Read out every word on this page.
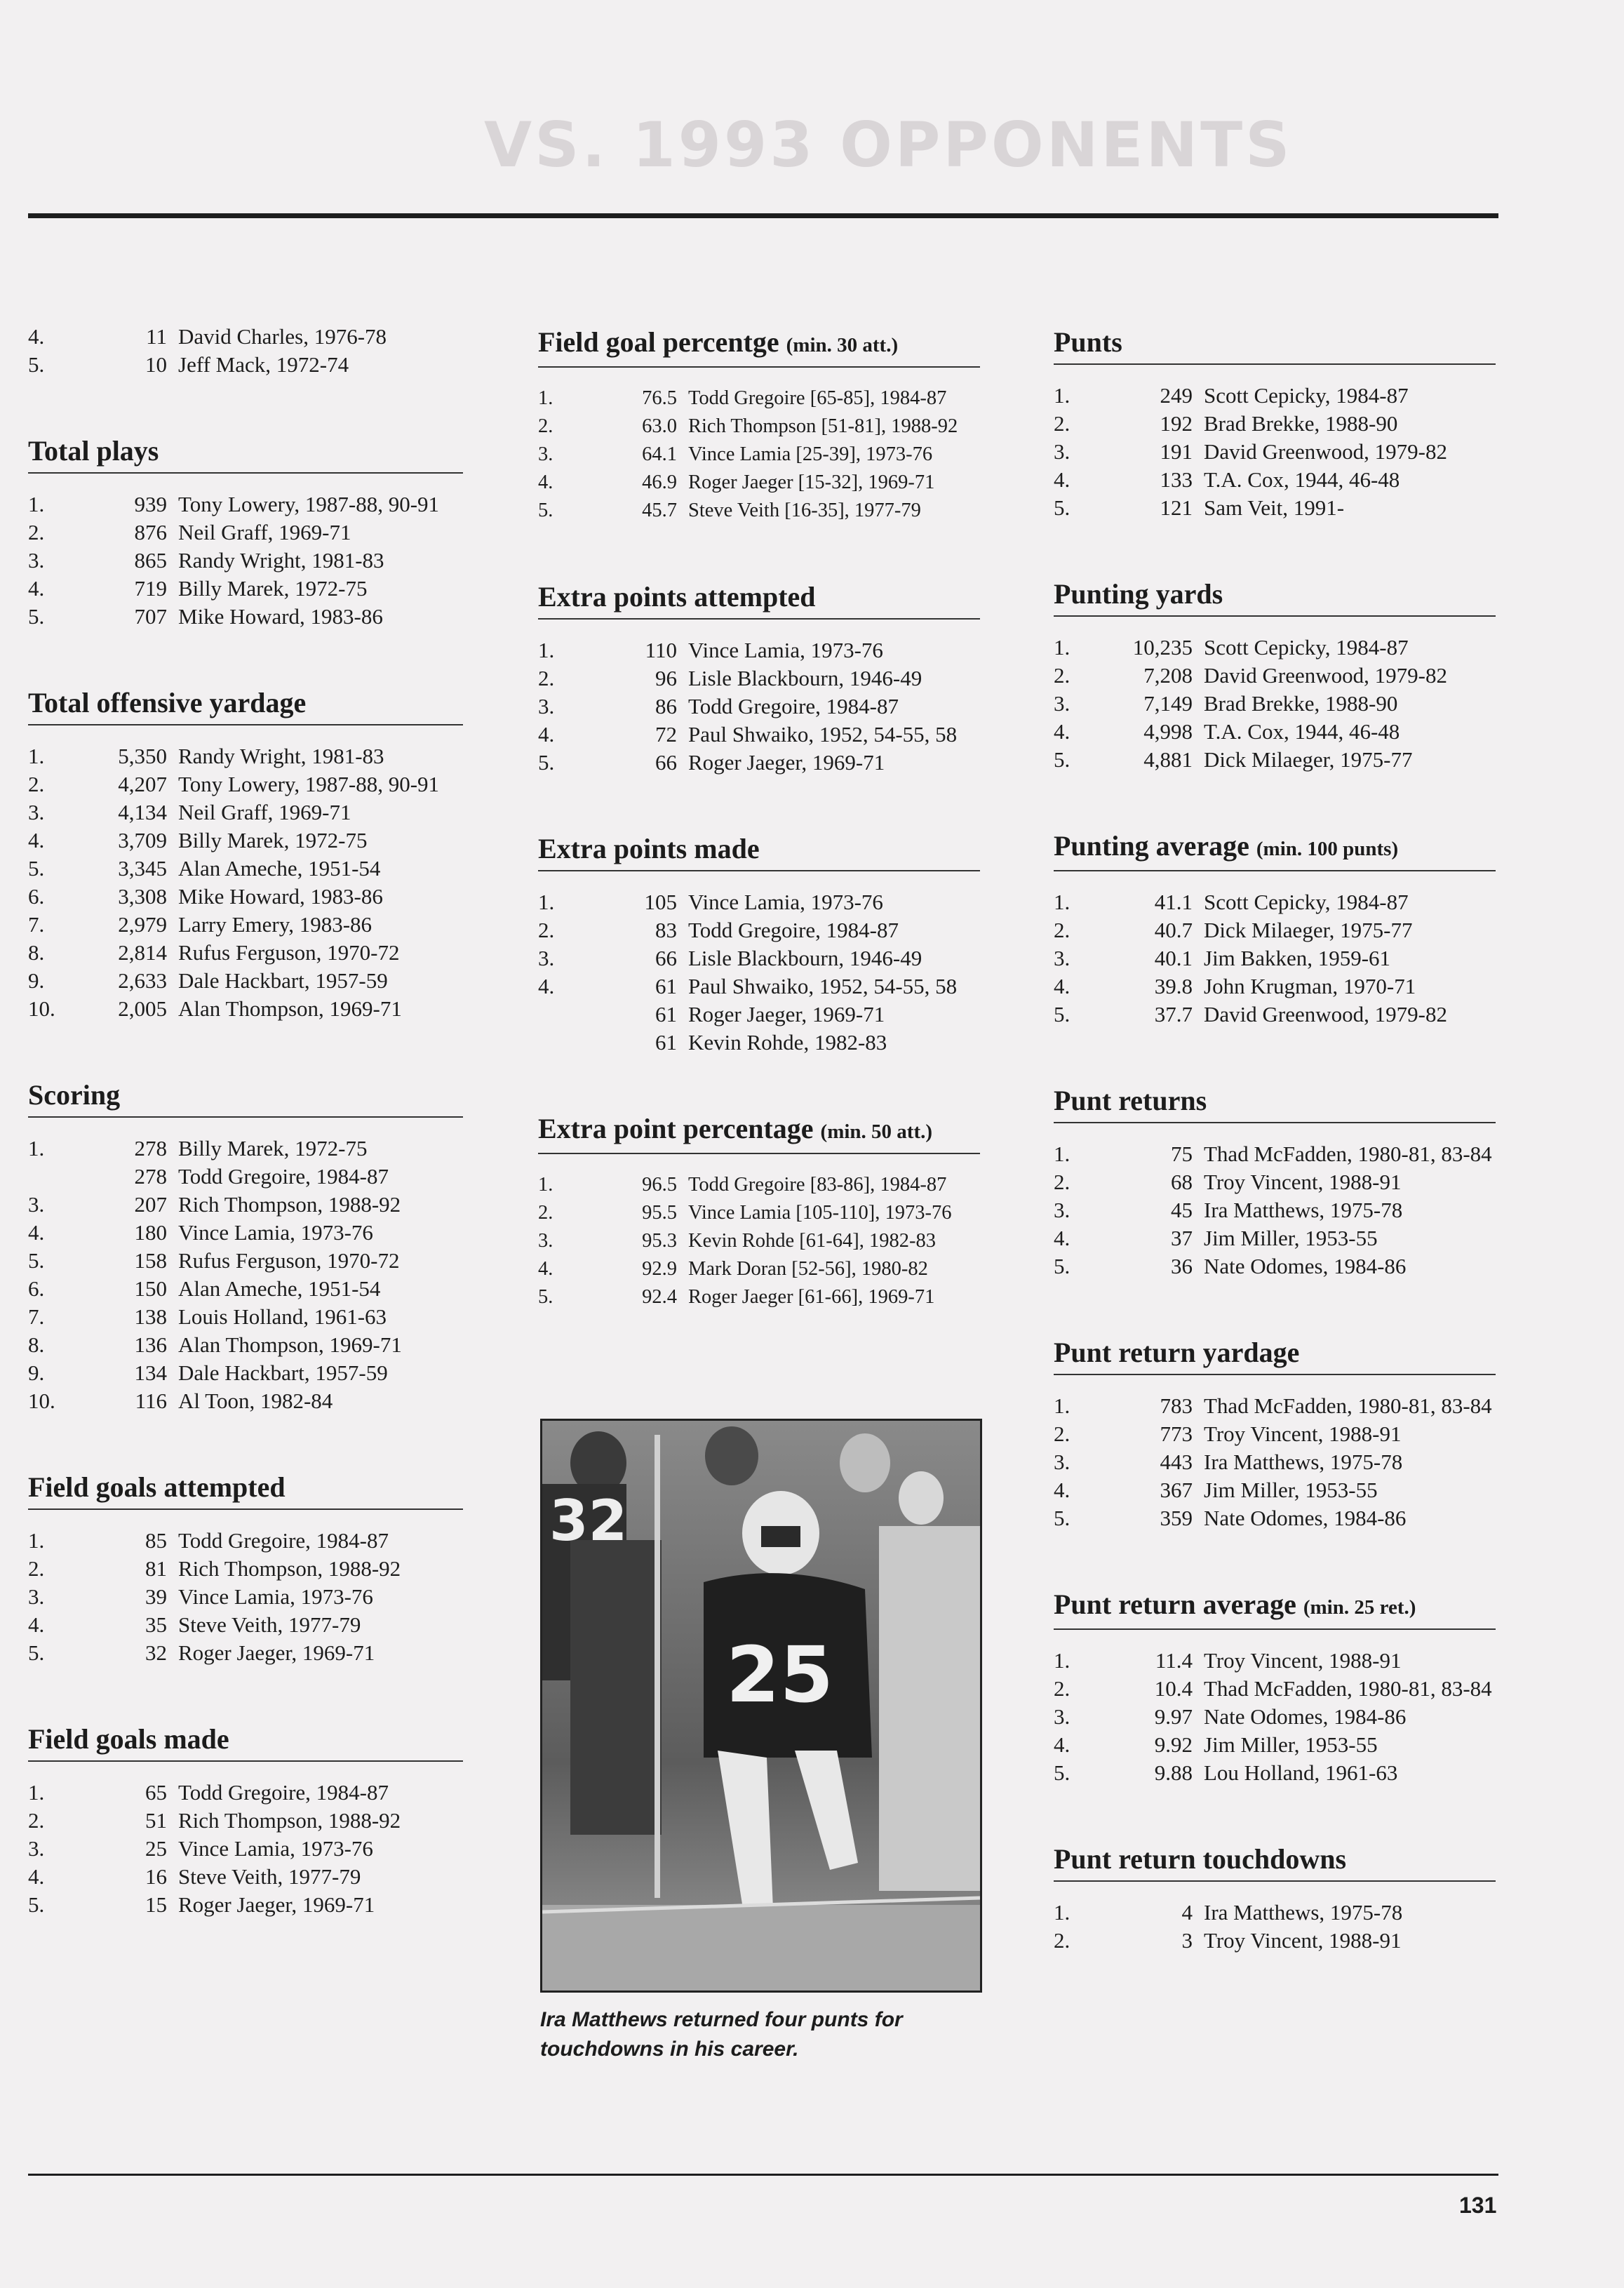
VS. 1993 OPPONENTS
4.	11 David Charles, 1976-78
5.	10 Jeff Mack, 1972-74
Total plays
1.	939 Tony Lowery, 1987-88, 90-91
2.	876 Neil Graff, 1969-71
3.	865 Randy Wright, 1981-83
4.	719 Billy Marek, 1972-75
5.	707 Mike Howard, 1983-86
Total offensive yardage
1.	5,350 Randy Wright, 1981-83
2.	4,207 Tony Lowery, 1987-88, 90-91
3.	4,134 Neil Graff, 1969-71
4.	3,709 Billy Marek, 1972-75
5.	3,345 Alan Ameche, 1951-54
6.	3,308 Mike Howard, 1983-86
7.	2,979 Larry Emery, 1983-86
8.	2,814 Rufus Ferguson, 1970-72
9.	2,633 Dale Hackbart, 1957-59
10.	2,005 Alan Thompson, 1969-71
Scoring
1.	278 Billy Marek, 1972-75
278 Todd Gregoire, 1984-87
3.	207 Rich Thompson, 1988-92
4.	180 Vince Lamia, 1973-76
5.	158 Rufus Ferguson, 1970-72
6.	150 Alan Ameche, 1951-54
7.	138 Louis Holland, 1961-63
8.	136 Alan Thompson, 1969-71
9.	134 Dale Hackbart, 1957-59
10.	116 Al Toon, 1982-84
Field goals attempted
1.	85 Todd Gregoire, 1984-87
2.	81 Rich Thompson, 1988-92
3.	39 Vince Lamia, 1973-76
4.	35 Steve Veith, 1977-79
5.	32 Roger Jaeger, 1969-71
Field goals made
1.	65 Todd Gregoire, 1984-87
2.	51 Rich Thompson, 1988-92
3.	25 Vince Lamia, 1973-76
4.	16 Steve Veith, 1977-79
5.	15 Roger Jaeger, 1969-71
Field goal percentge (min. 30 att.)
1.	76.5 Todd Gregoire [65-85], 1984-87
2.	63.0 Rich Thompson [51-81], 1988-92
3.	64.1 Vince Lamia [25-39], 1973-76
4.	46.9 Roger Jaeger [15-32], 1969-71
5.	45.7 Steve Veith [16-35], 1977-79
Extra points attempted
1.	110 Vince Lamia, 1973-76
2.	96 Lisle Blackbourn, 1946-49
3.	86 Todd Gregoire, 1984-87
4.	72 Paul Shwaiko, 1952, 54-55, 58
5.	66 Roger Jaeger, 1969-71
Extra points made
1.	105 Vince Lamia, 1973-76
2.	83 Todd Gregoire, 1984-87
3.	66 Lisle Blackbourn, 1946-49
4.	61 Paul Shwaiko, 1952, 54-55, 58
61 Roger Jaeger, 1969-71
61 Kevin Rohde, 1982-83
Extra point percentage (min. 50 att.)
1.	96.5 Todd Gregoire [83-86], 1984-87
2.	95.5 Vince Lamia [105-110], 1973-76
3.	95.3 Kevin Rohde [61-64], 1982-83
4.	92.9 Mark Doran [52-56], 1980-82
5.	92.4 Roger Jaeger [61-66], 1969-71
Punts
1.	249 Scott Cepicky, 1984-87
2.	192 Brad Brekke, 1988-90
3.	191 David Greenwood, 1979-82
4.	133 T.A. Cox, 1944, 46-48
5.	121 Sam Veit, 1991-
Punting yards
1.	10,235 Scott Cepicky, 1984-87
2.	7,208 David Greenwood, 1979-82
3.	7,149 Brad Brekke, 1988-90
4.	4,998 T.A. Cox, 1944, 46-48
5.	4,881 Dick Milaeger, 1975-77
Punting average (min. 100 punts)
1.	41.1 Scott Cepicky, 1984-87
2.	40.7 Dick Milaeger, 1975-77
3.	40.1 Jim Bakken, 1959-61
4.	39.8 John Krugman, 1970-71
5.	37.7 David Greenwood, 1979-82
Punt returns
1.	75 Thad McFadden, 1980-81, 83-84
2.	68 Troy Vincent, 1988-91
3.	45 Ira Matthews, 1975-78
4.	37 Jim Miller, 1953-55
5.	36 Nate Odomes, 1984-86
Punt return yardage
1.	783 Thad McFadden, 1980-81, 83-84
2.	773 Troy Vincent, 1988-91
3.	443 Ira Matthews, 1975-78
4.	367 Jim Miller, 1953-55
5.	359 Nate Odomes, 1984-86
Punt return average (min. 25 ret.)
1.	11.4 Troy Vincent, 1988-91
2.	10.4 Thad McFadden, 1980-81, 83-84
3.	9.97 Nate Odomes, 1984-86
4.	9.92 Jim Miller, 1953-55
5.	9.88 Lou Holland, 1961-63
Punt return touchdowns
1.	4 Ira Matthews, 1975-78
2.	3 Troy Vincent, 1988-91
32
25
Ira Matthews returned four punts for touchdowns in his career.
131
